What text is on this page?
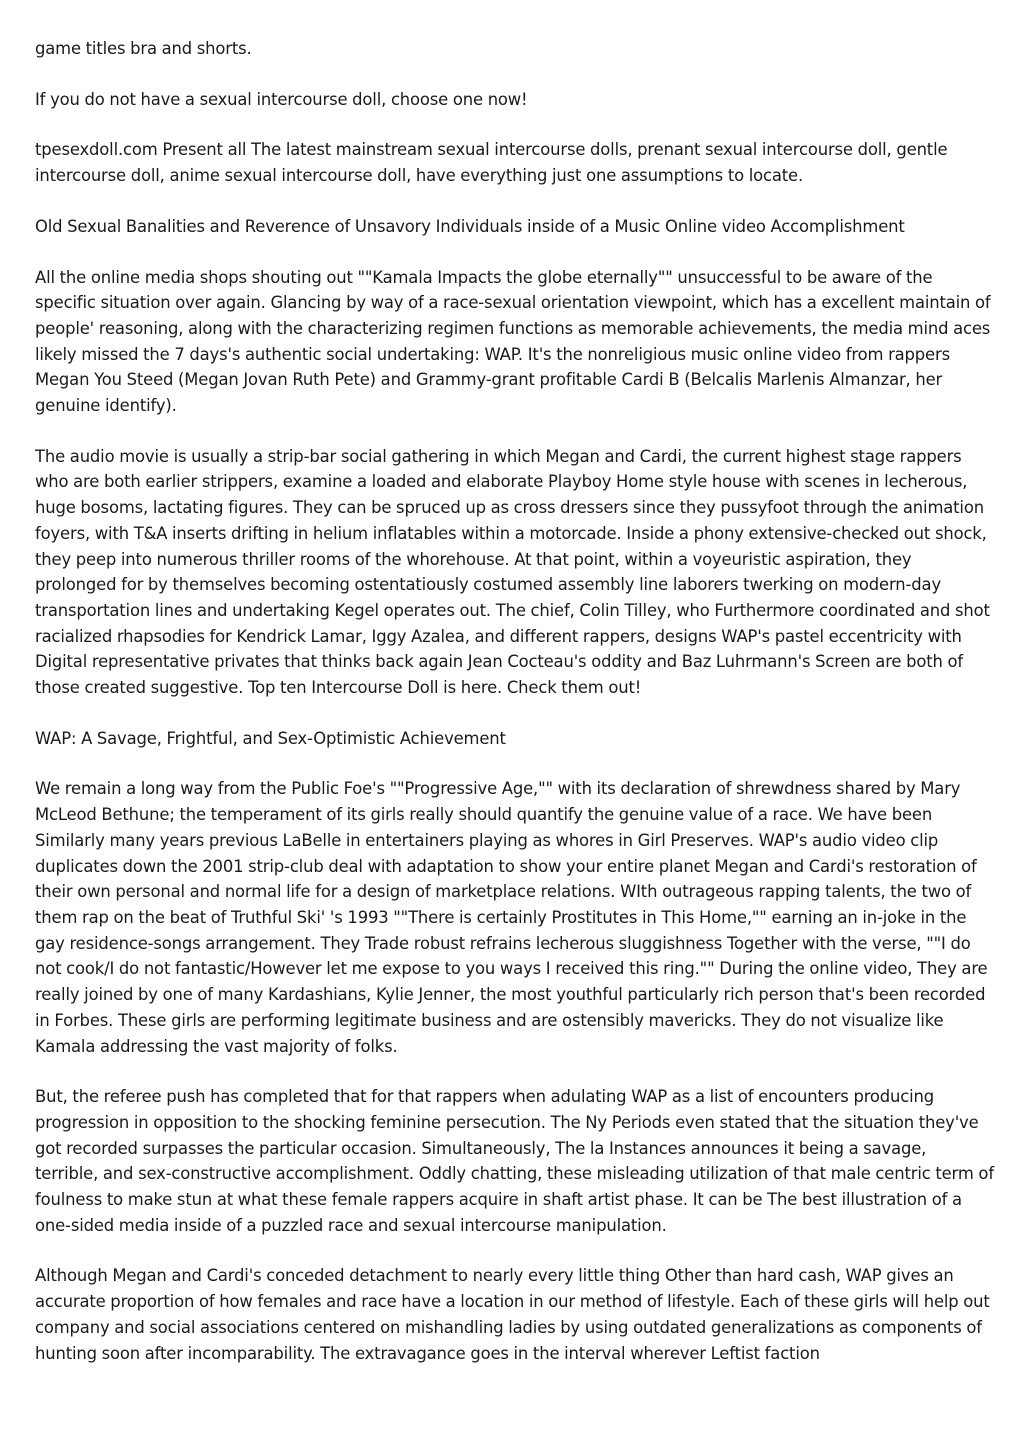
game titles bra and shorts.

If you do not have a sexual intercourse doll, choose one now!

tpesexdoll.com Present all The latest mainstream sexual intercourse dolls, prenant sexual intercourse doll, gentle intercourse doll, anime sexual intercourse doll, have everything just one assumptions to locate.

Old Sexual Banalities and Reverence of Unsavory Individuals inside of a Music Online video Accomplishment

All the online media shops shouting out ""Kamala Impacts the globe eternally"" unsuccessful to be aware of the specific situation over again. Glancing by way of a race-sexual orientation viewpoint, which has a excellent maintain of people' reasoning, along with the characterizing regimen functions as memorable achievements, the media mind aces likely missed the 7 days's authentic social undertaking: WAP. It's the nonreligious music online video from rappers Megan You Steed (Megan Jovan Ruth Pete) and Grammy-grant profitable Cardi B (Belcalis Marlenis Almanzar, her genuine identify).

The audio movie is usually a strip-bar social gathering in which Megan and Cardi, the current highest stage rappers who are both earlier strippers, examine a loaded and elaborate Playboy Home style house with scenes in lecherous, huge bosoms, lactating figures. They can be spruced up as cross dressers since they pussyfoot through the animation foyers, with T&A inserts drifting in helium inflatables within a motorcade. Inside a phony extensive-checked out shock, they peep into numerous thriller rooms of the whorehouse. At that point, within a voyeuristic aspiration, they prolonged for by themselves becoming ostentatiously costumed assembly line laborers twerking on modern-day transportation lines and undertaking Kegel operates out. The chief, Colin Tilley, who Furthermore coordinated and shot racialized rhapsodies for Kendrick Lamar, Iggy Azalea, and different rappers, designs WAP's pastel eccentricity with Digital representative privates that thinks back again Jean Cocteau's oddity and Baz Luhrmann's Screen are both of those created suggestive. Top ten Intercourse Doll is here. Check them out!

WAP: A Savage, Frightful, and Sex-Optimistic Achievement

We remain a long way from the Public Foe's ""Progressive Age,"" with its declaration of shrewdness shared by Mary McLeod Bethune; the temperament of its girls really should quantify the genuine value of a race. We have been Similarly many years previous LaBelle in entertainers playing as whores in Girl Preserves. WAP's audio video clip duplicates down the 2001 strip-club deal with adaptation to show your entire planet Megan and Cardi's restoration of their own personal and normal life for a design of marketplace relations. WIth outrageous rapping talents, the two of them rap on the beat of Truthful Ski' 's 1993 ""There is certainly Prostitutes in This Home,"" earning an in-joke in the gay residence-songs arrangement. They Trade robust refrains lecherous sluggishness Together with the verse, ""I do not cook/I do not fantastic/However let me expose to you ways I received this ring."" During the online video, They are really joined by one of many Kardashians, Kylie Jenner, the most youthful particularly rich person that's been recorded in Forbes. These girls are performing legitimate business and are ostensibly mavericks. They do not visualize like Kamala addressing the vast majority of folks.

But, the referee push has completed that for that rappers when adulating WAP as a list of encounters producing progression in opposition to the shocking feminine persecution. The Ny Periods even stated that the situation they've got recorded surpasses the particular occasion. Simultaneously, The la Instances announces it being a savage, terrible, and sex-constructive accomplishment. Oddly chatting, these misleading utilization of that male centric term of foulness to make stun at what these female rappers acquire in shaft artist phase. It can be The best illustration of a one-sided media inside of a puzzled race and sexual intercourse manipulation.

Although Megan and Cardi's conceded detachment to nearly every little thing Other than hard cash, WAP gives an accurate proportion of how females and race have a location in our method of lifestyle. Each of these girls will help out company and social associations centered on mishandling ladies by using outdated generalizations as components of hunting soon after incomparability. The extravagance goes in the interval wherever Leftist faction
